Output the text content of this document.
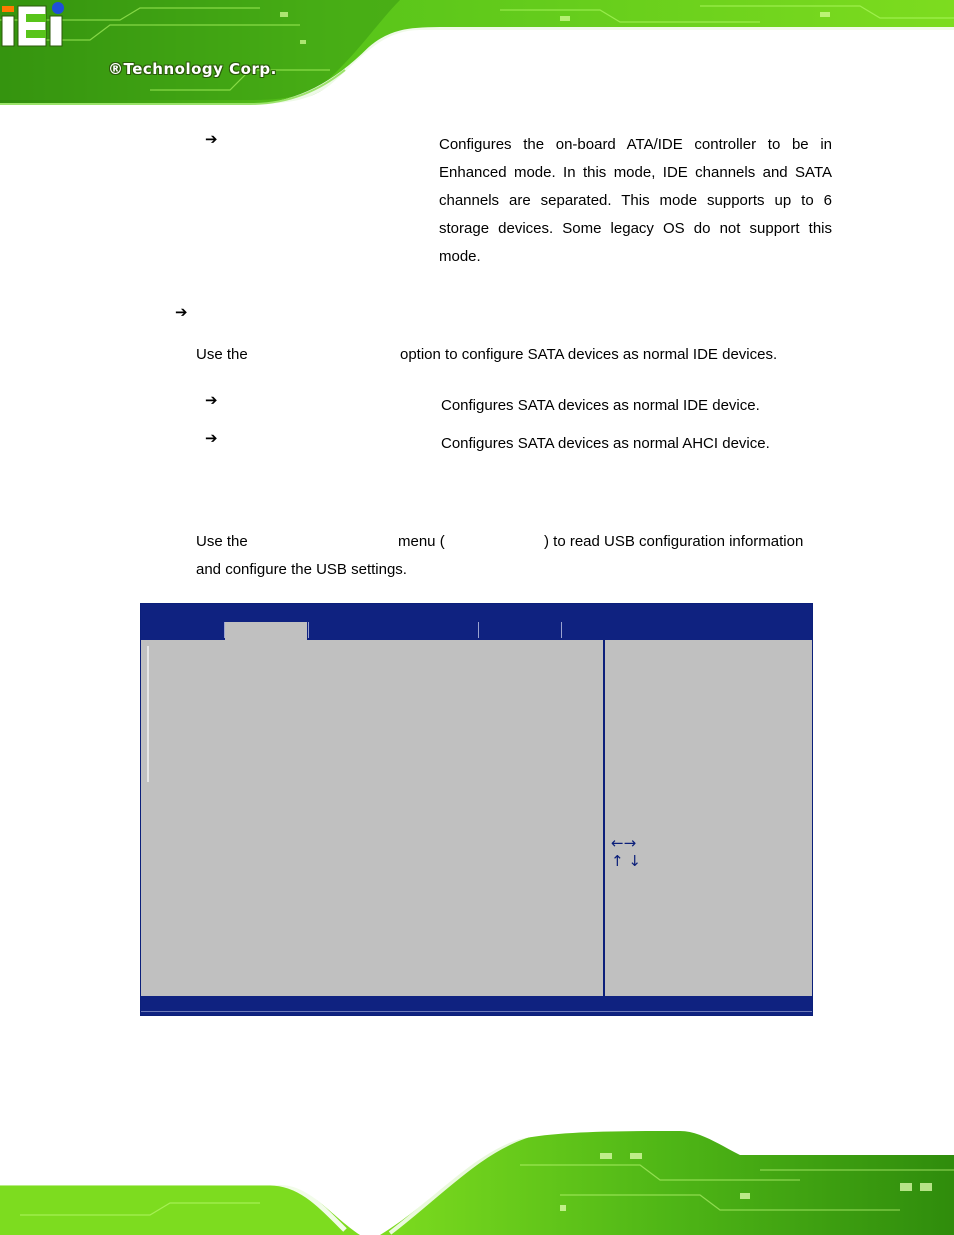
®Technology Corp.
➔	Configures the on-board ATA/IDE controller to be in Enhanced mode. In this mode, IDE channels and SATA channels are separated. This mode supports up to 6 storage devices. Some legacy OS do not support this mode.
➔
Use the	option to configure SATA devices as normal IDE devices.
➔	Configures SATA devices as normal IDE device.
➔	Configures SATA devices as normal AHCI device.
Use the	menu (	) to read USB configuration information
and configure the USB settings.
←→
↑ ↓
